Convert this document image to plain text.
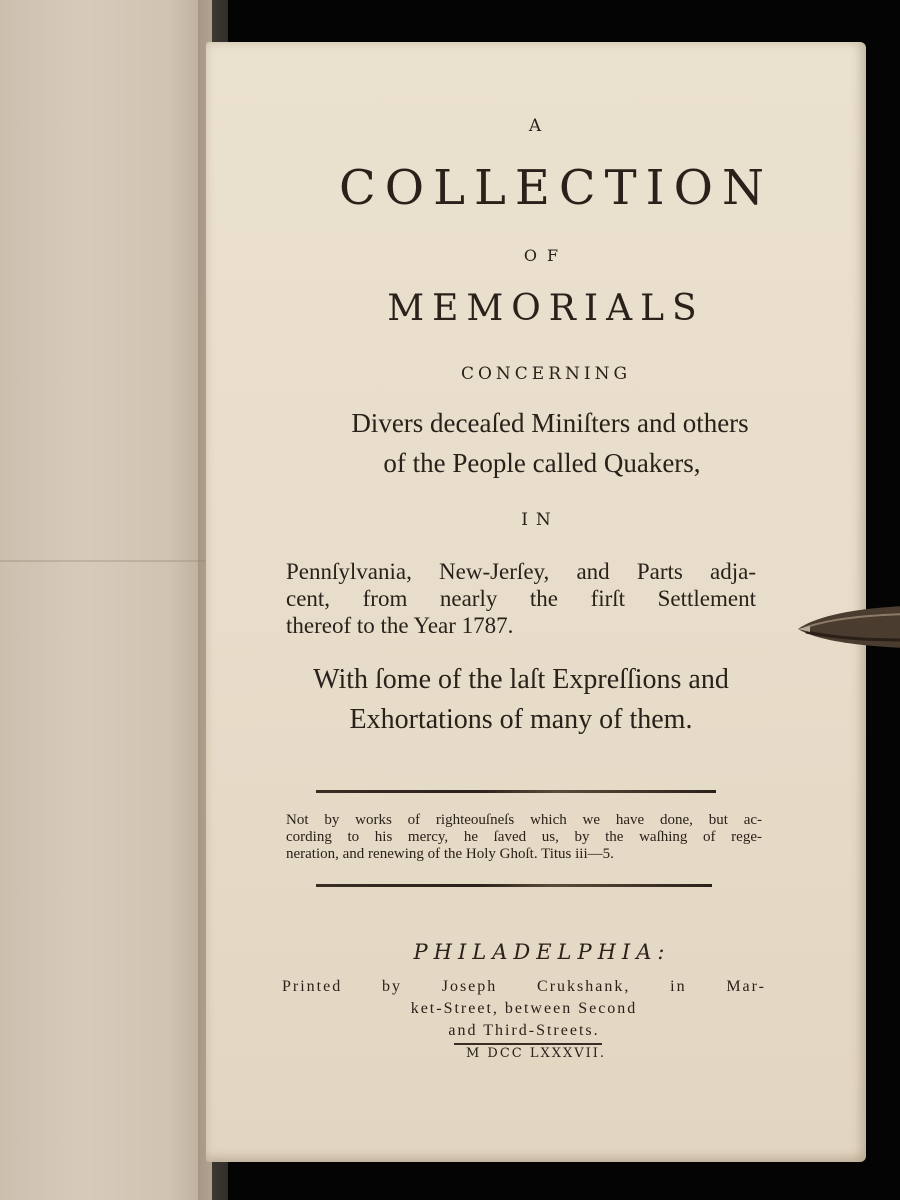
A
COLLECTION
OF
MEMORIALS
CONCERNING
Divers deceaſed Miniſters and others
of the People called Quakers,
IN
Pennſylvania, New-Jerſey, and Parts adja-
cent, from nearly the firſt Settlement
thereof to the Year 1787.
With ſome of the laſt Expreſſions and
Exhortations of many of them.
Not by works of righteouſneſs which we have done, but ac-
cording to his mercy, he ſaved us, by the waſhing of rege-
neration, and renewing of the Holy Ghoſt. Titus iii—5.
PHILADELPHIA:
Printed by Joseph Crukshank, in Mar-
ket-Street, between Second
and Third-Streets.
M DCC LXXXVII.
